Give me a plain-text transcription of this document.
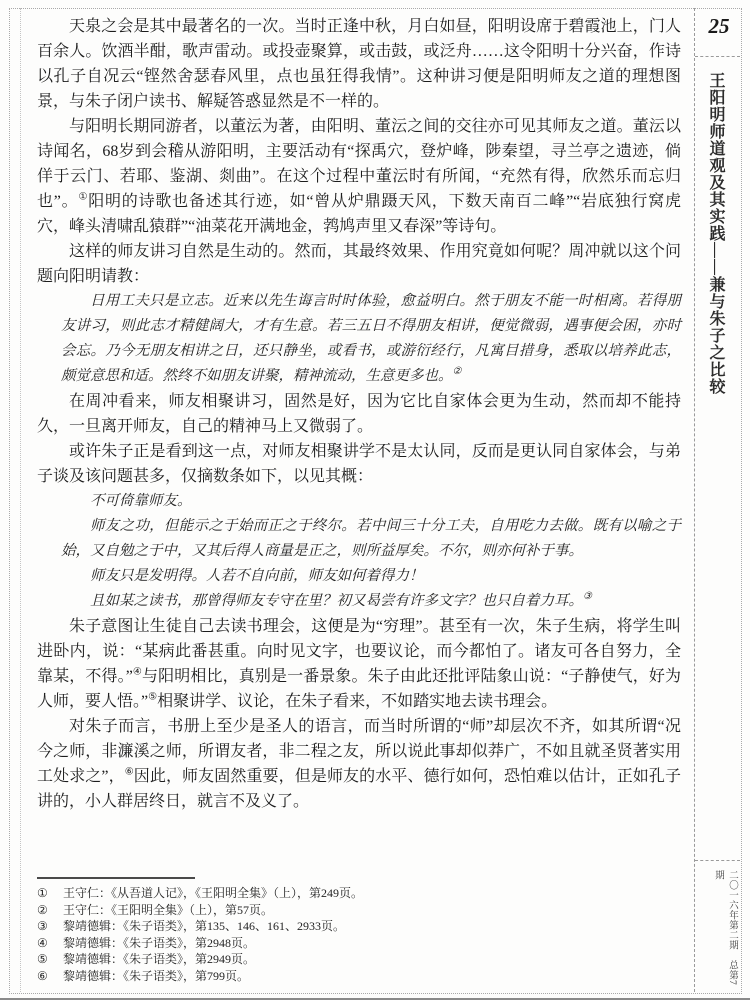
天泉之会是其中最著名的一次。当时正逢中秋，月白如昼，阳明设席于碧霞池上，门人百余人。饮酒半酣，歌声雷动。或投壶聚算，或击鼓，或泛舟……这令阳明十分兴奋，作诗以孔子自况云“铿然舍瑟春风里，点也虽狂得我情”。这种讲习便是阳明师友之道的理想图景，与朱子闭户读书、解疑答惑显然是不一样的。

与阳明长期同游者，以董沄为著，由阳明、董沄之间的交往亦可见其师友之道。董沄以诗闻名，68岁到会稽从游阳明，主要活动有“探禹穴，登炉峰，陟秦望，寻兰亭之遗迹，倘佯于云门、若耶、鉴湖、剡曲”。在这个过程中董沄时有所闻，“充然有得，欣然乐而忘归也”。①阳明的诗歌也备述其行迹，如“曾从炉鼎蹑天风，下数天南百二峰”“岩底独行窝虎穴，峰头清啸乱猿群”“油菜花开满地金，鹁鸠声里又春深”等诗句。

这样的师友讲习自然是生动的。然而，其最终效果、作用究竟如何呢？周冲就以这个问题向阳明请教：

日用工夫只是立志。近来以先生诲言时时体验，愈益明白。然于朋友不能一时相离。若得朋友讲习，则此志才精健阔大，才有生意。若三五日不得朋友相讲，便觉微弱，遇事便会困，亦时会忘。乃今无朋友相讲之日，还只静坐，或看书，或游衍经行，凡寓目措身，悉取以培养此志，颇觉意思和适。然终不如朋友讲聚，精神流动，生意更多也。②

在周冲看来，师友相聚讲习，固然是好，因为它比自家体会更为生动，然而却不能持久，一旦离开师友，自己的精神马上又微弱了。

或许朱子正是看到这一点，对师友相聚讲学不是太认同，反而是更认同自家体会，与弟子谈及该问题甚多，仅摘数条如下，以见其概：

不可倚靠师友。

师友之功，但能示之于始而正之于终尔。若中间三十分工夫，自用吃力去做。既有以喻之于始，又自勉之于中，又其后得人商量是正之，则所益厚矣。不尔，则亦何补于事。

师友只是发明得。人若不自向前，师友如何着得力！

且如某之读书，那曾得师友专守在里？初又曷尝有许多文字？也只自着力耳。③

朱子意图让生徒自己去读书理会，这便是为“穷理”。甚至有一次，朱子生病，将学生叫进卧内，说：“某病此番甚重。向时见文字，也要议论，而今都怕了。诸友可各自努力，全靠某，不得。”④与阳明相比，真别是一番景象。朱子由此还批评陆象山说：“子静使气，好为人师，要人悟。”⑤相聚讲学、议论，在朱子看来，不如踏实地去读书理会。

对朱子而言，书册上至少是圣人的语言，而当时所谓的“师”却层次不齐，如其所谓“况今之师，非濂溪之师，所谓友者，非二程之友，所以说此事却似莽广，不如且就圣贤著实用工处求之”，⑥因此，师友固然重要，但是师友的水平、德行如何，恐怕难以估计，正如孔子讲的，小人群居终日，就言不及义了。

①	王守仁：《从吾道人记》，《王阳明全集》（上），第249页。
②	王守仁：《王阳明全集》（上），第57页。
③	黎靖德辑：《朱子语类》，第135、146、161、2933页。
④	黎靖德辑：《朱子语类》，第2948页。
⑤	黎靖德辑：《朱子语类》，第2949页。
⑥	黎靖德辑：《朱子语类》，第799页。
25
王阳明师道观及其实践——兼与朱子之比较
二〇一六年第二期　总第7期
